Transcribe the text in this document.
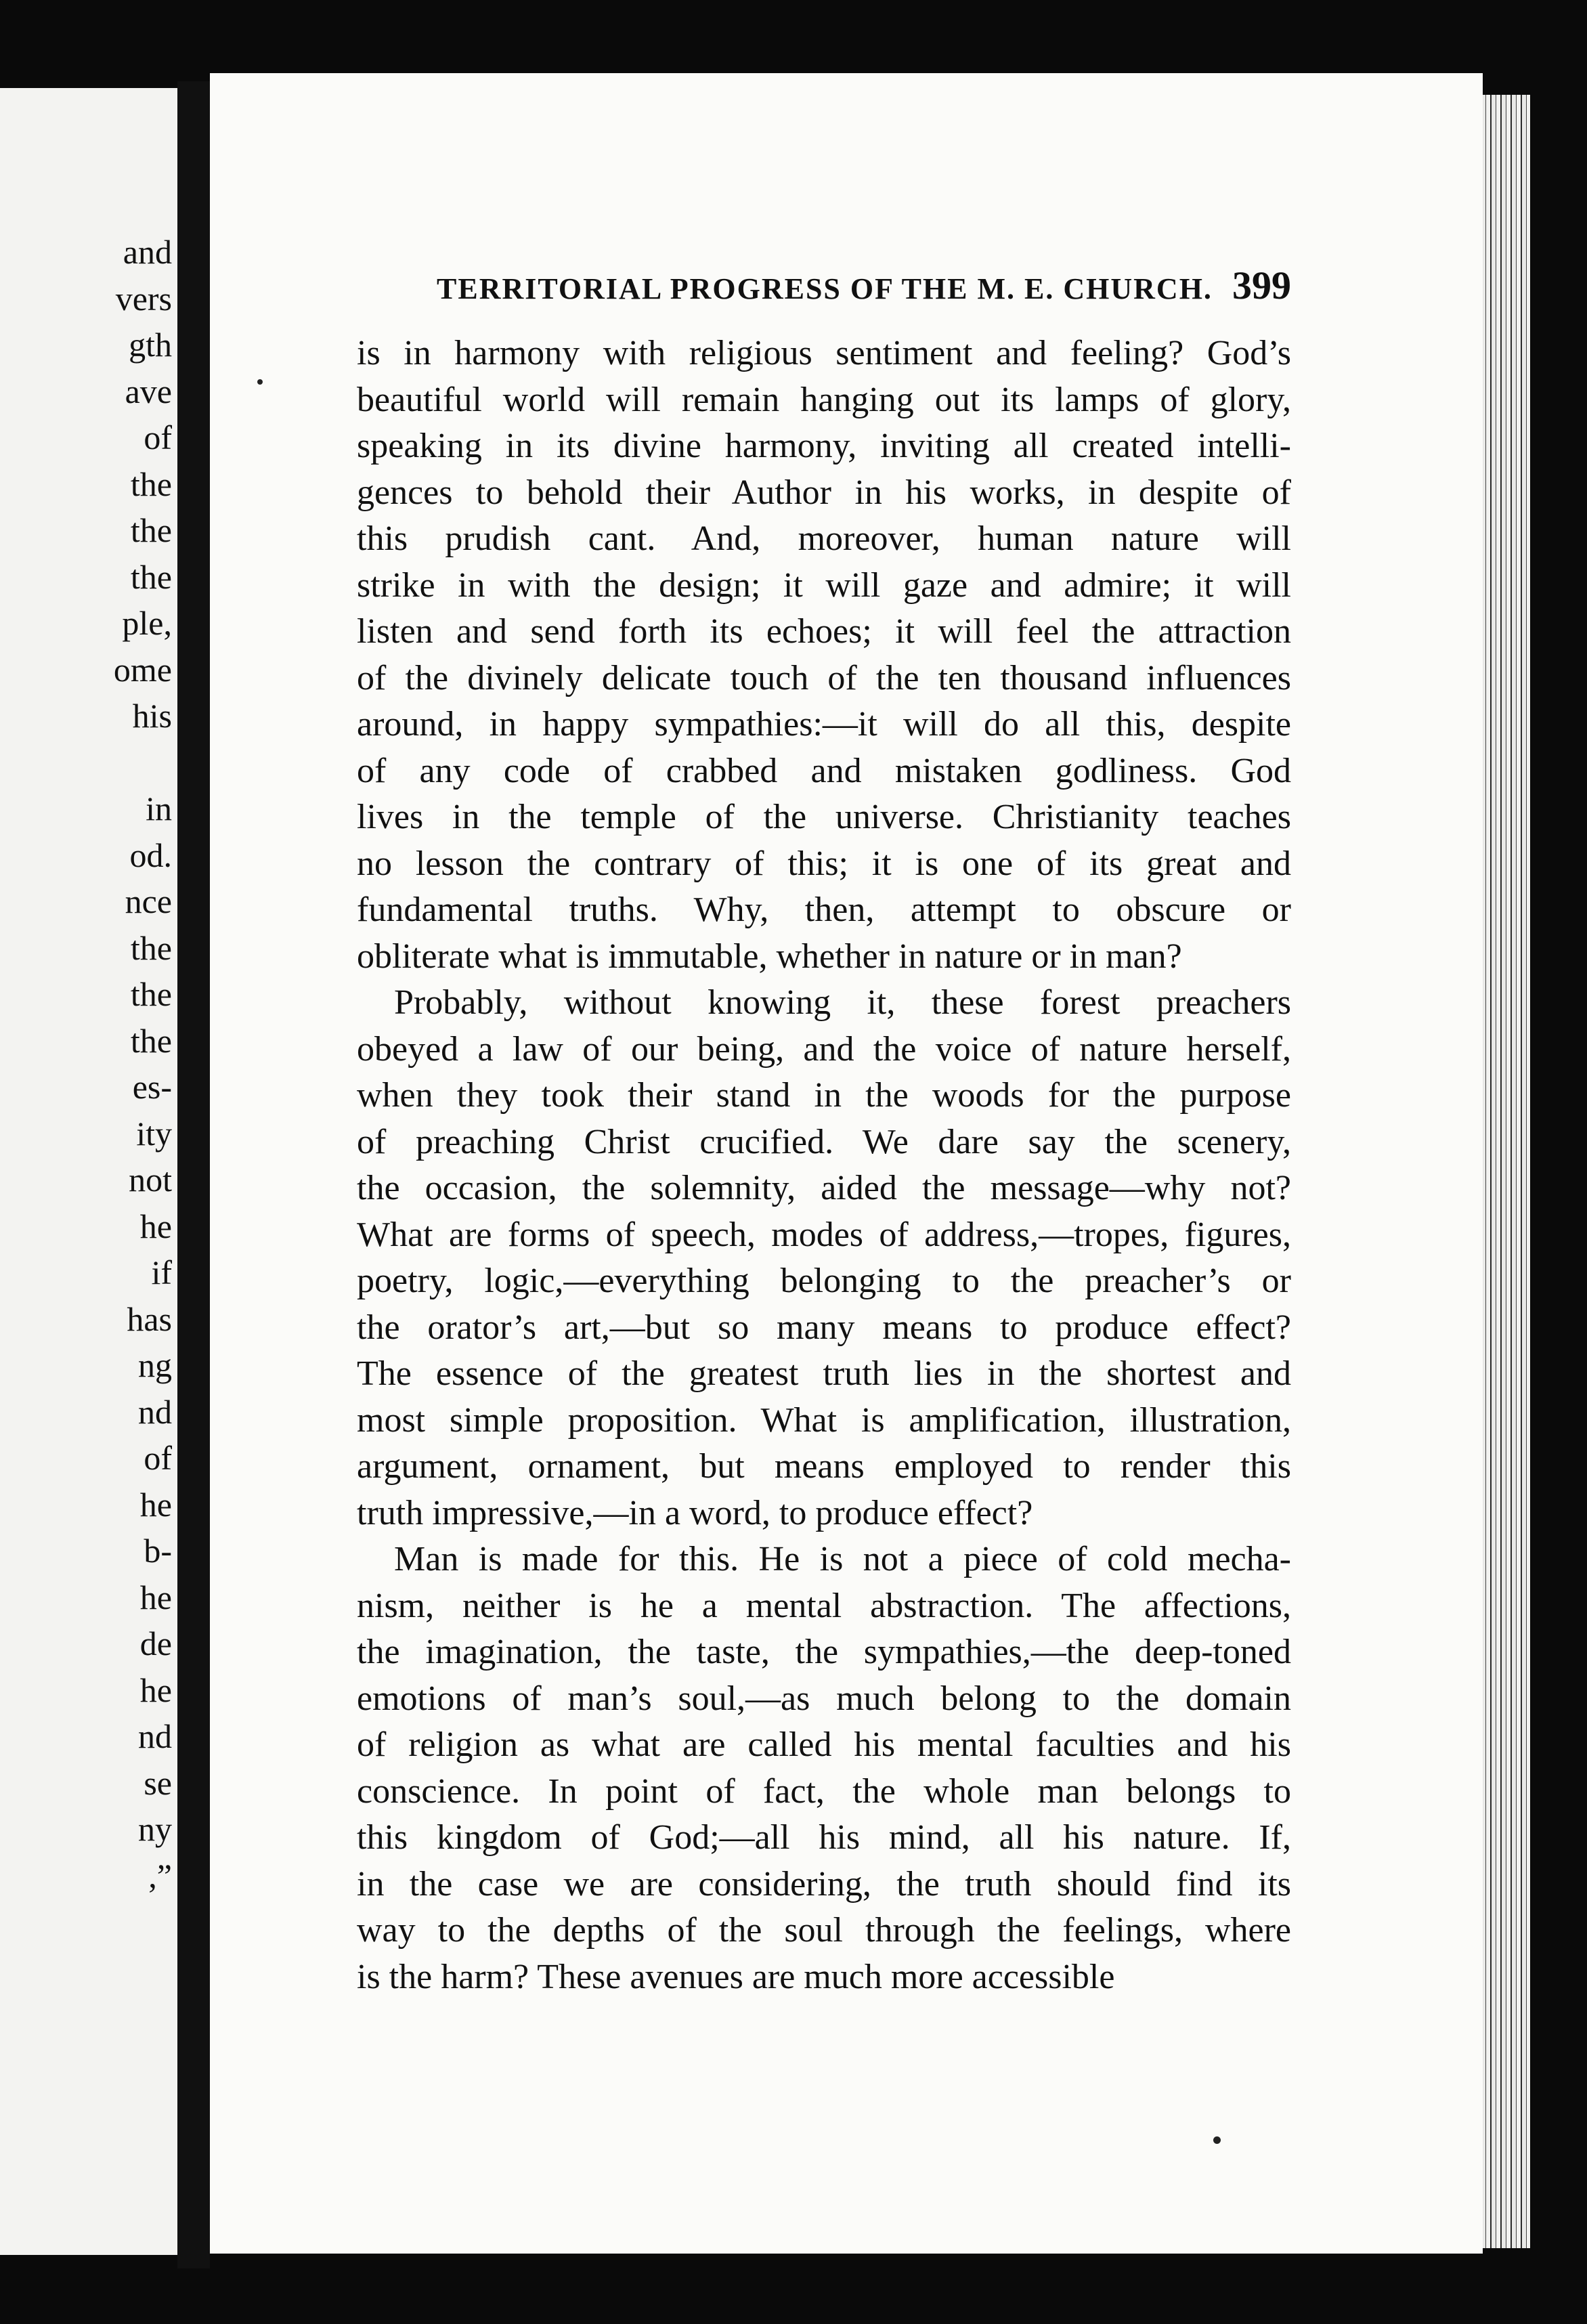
and
vers
gth
ave
of
the
the
the
ple,
ome
his
in
od.
nce
the
the
the
es-
ity
not
he
if
has
ng
nd
of
he
b-
he
de
he
nd
se
ny
,”
TERRITORIAL PROGRESS OF THE M. E. CHURCH. 399
is in harmony with religious sentiment and feeling? God’s
beautiful world will remain hanging out its lamps of glory,
speaking in its divine harmony, inviting all created intelli-
gences to behold their Author in his works, in despite of
this prudish cant. And, moreover, human nature will
strike in with the design; it will gaze and admire; it will
listen and send forth its echoes; it will feel the attraction
of the divinely delicate touch of the ten thousand influences
around, in happy sympathies:—it will do all this, despite
of any code of crabbed and mistaken godliness. God
lives in the temple of the universe. Christianity teaches
no lesson the contrary of this; it is one of its great and
fundamental truths. Why, then, attempt to obscure or
obliterate what is immutable, whether in nature or in man?
Probably, without knowing it, these forest preachers
obeyed a law of our being, and the voice of nature herself,
when they took their stand in the woods for the purpose
of preaching Christ crucified. We dare say the scenery,
the occasion, the solemnity, aided the message—why not?
What are forms of speech, modes of address,—tropes, figures,
poetry, logic,—everything belonging to the preacher’s or
the orator’s art,—but so many means to produce effect?
The essence of the greatest truth lies in the shortest and
most simple proposition. What is amplification, illustration,
argument, ornament, but means employed to render this
truth impressive,—in a word, to produce effect?
Man is made for this. He is not a piece of cold mecha-
nism, neither is he a mental abstraction. The affections,
the imagination, the taste, the sympathies,—the deep-toned
emotions of man’s soul,—as much belong to the domain
of religion as what are called his mental faculties and his
conscience. In point of fact, the whole man belongs to
this kingdom of God;—all his mind, all his nature. If,
in the case we are considering, the truth should find its
way to the depths of the soul through the feelings, where
is the harm? These avenues are much more accessible
